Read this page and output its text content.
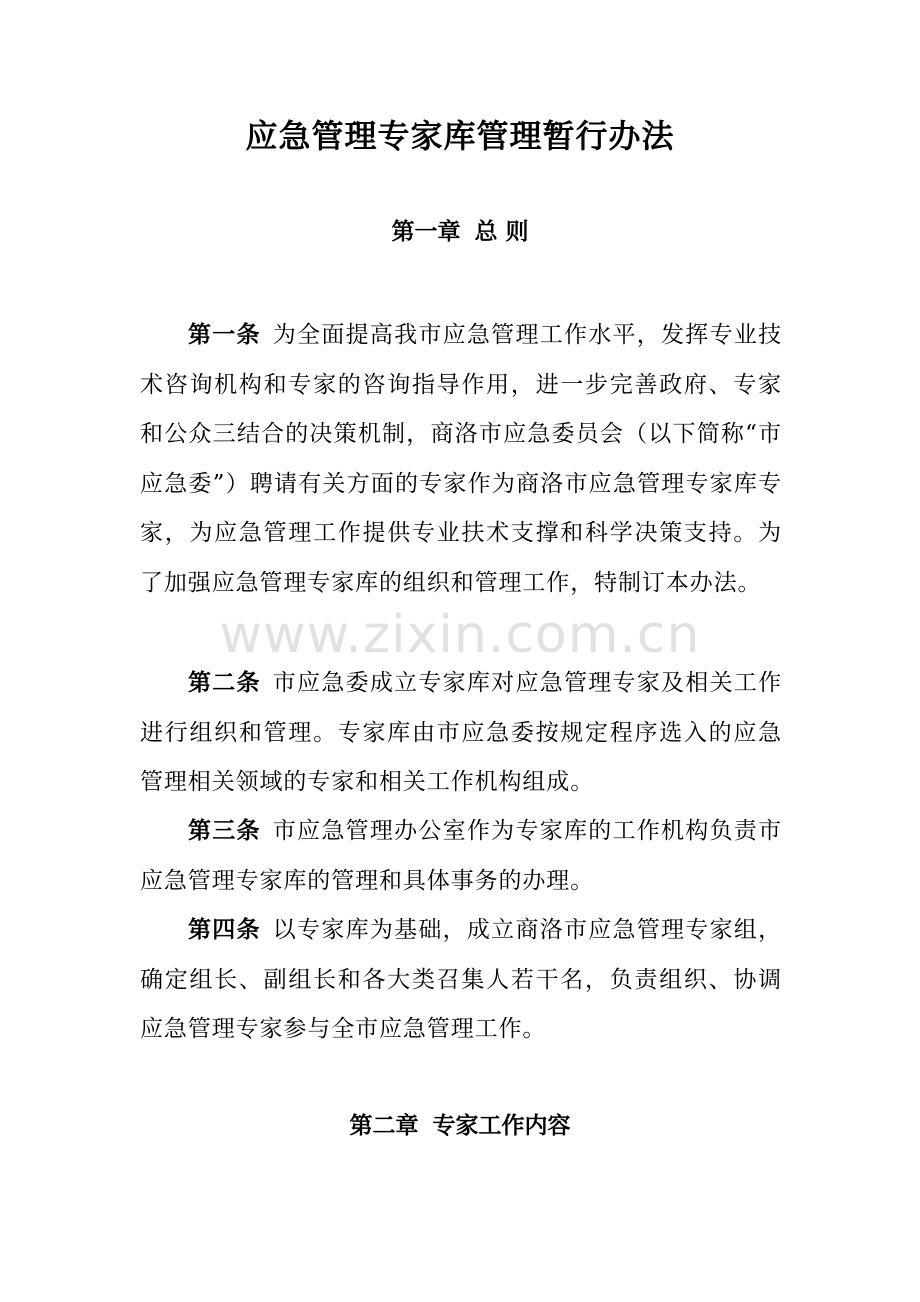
应急管理专家库管理暂行办法
第一章 总 则

第一条 为全面提高我市应急管理工作水平，发挥专业技术咨询机构和专家的咨询指导作用，进一步完善政府、专家和公众三结合的决策机制，商洛市应急委员会（以下简称“市应急委”）聘请有关方面的专家作为商洛市应急管理专家库专家，为应急管理工作提供专业扶术支撑和科学决策支持。为了加强应急管理专家库的组织和管理工作，特制订本办法。

第二条 市应急委成立专家库对应急管理专家及相关工作进行组织和管理。专家库由市应急委按规定程序选入的应急管理相关领域的专家和相关工作机构组成。

第三条 市应急管理办公室作为专家库的工作机构负责市应急管理专家库的管理和具体事务的办理。

第四条 以专家库为基础，成立商洛市应急管理专家组，确定组长、副组长和各大类召集人若干名，负责组织、协调应急管理专家参与全市应急管理工作。

第二章 专家工作内容
www.zixin.com.cn
